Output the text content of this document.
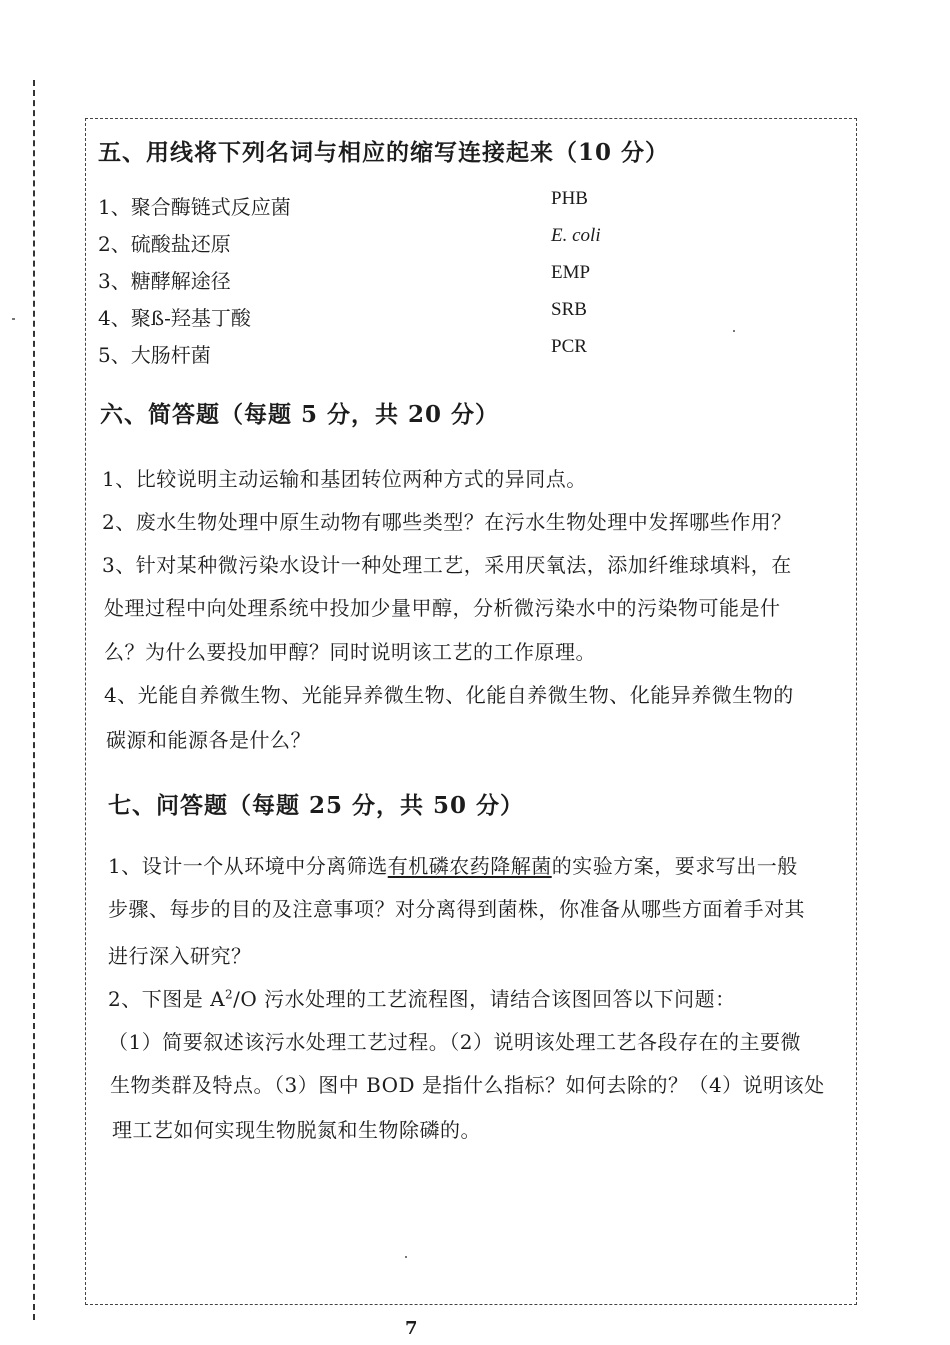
五、用线将下列名词与相应的缩写连接起来（10 分）
1、聚合酶链式反应菌
2、硫酸盐还原
3、糖酵解途径
4、聚ß-羟基丁酸
5、大肠杆菌
PHB
E. coli
EMP
SRB
PCR
六、简答题（每题 5 分，共 20 分）
1、比较说明主动运输和基团转位两种方式的异同点。
2、废水生物处理中原生动物有哪些类型？在污水生物处理中发挥哪些作用？
3、针对某种微污染水设计一种处理工艺，采用厌氧法，添加纤维球填料，在
处理过程中向处理系统中投加少量甲醇，分析微污染水中的污染物可能是什
么？为什么要投加甲醇？同时说明该工艺的工作原理。
4、光能自养微生物、光能异养微生物、化能自养微生物、化能异养微生物的
碳源和能源各是什么？
七、问答题（每题 25 分，共 50 分）
1、设计一个从环境中分离筛选有机磷农药降解菌的实验方案，要求写出一般
步骤、每步的目的及注意事项？对分离得到菌株，你准备从哪些方面着手对其
进行深入研究？
2、下图是 $A^2/O$ 污水处理的工艺流程图，请结合该图回答以下问题：
（1）简要叙述该污水处理工艺过程。（2）说明该处理工艺各段存在的主要微
生物类群及特点。（3）图中 BOD 是指什么指标？如何去除的？（4）说明该处
理工艺如何实现生物脱氮和生物除磷的。
7
